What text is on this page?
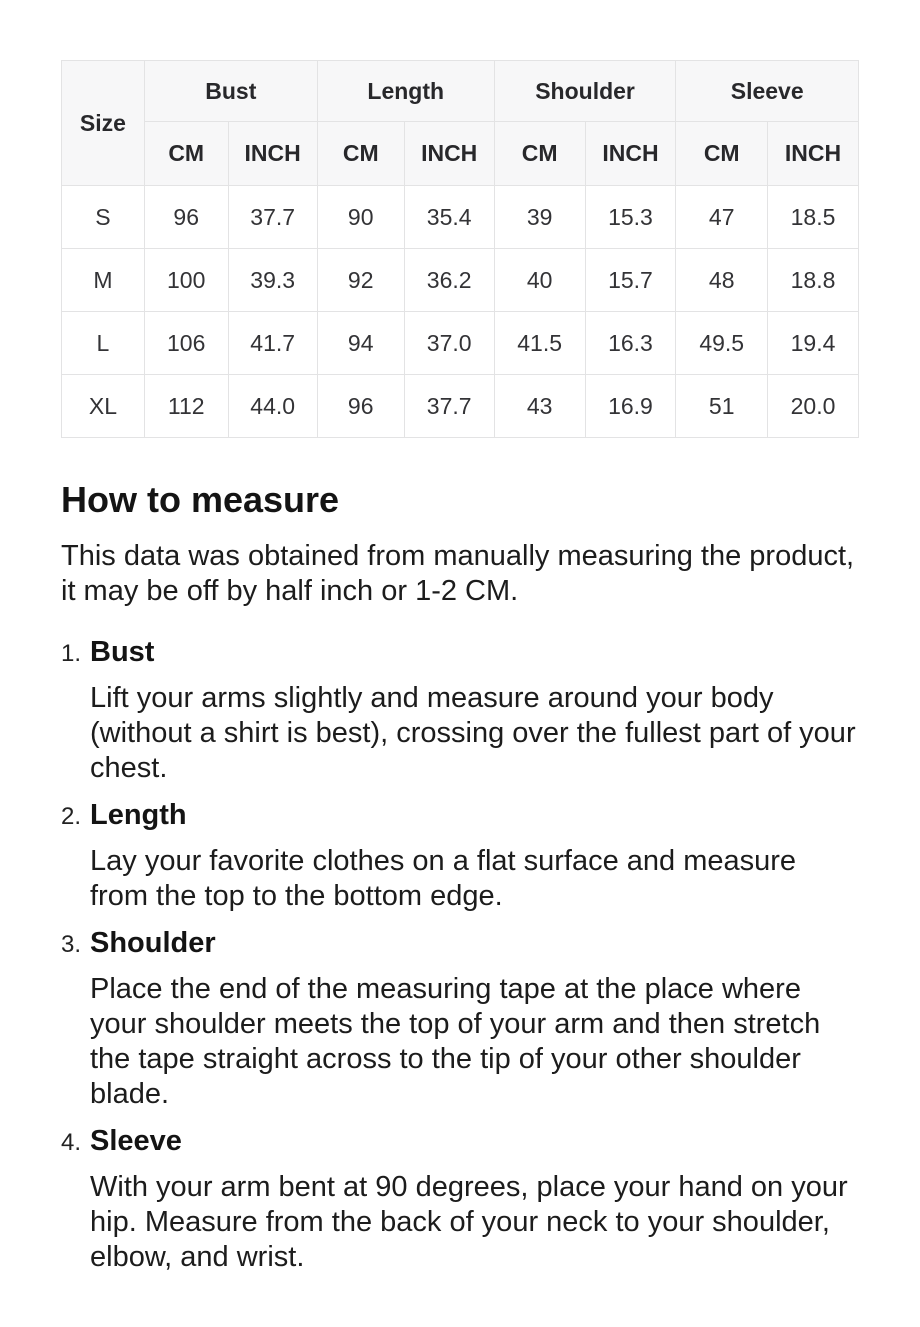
Size	Bust		Length		Shoulder		Sleeve	
	CM	INCH	CM	INCH	CM	INCH	CM	INCH
S	96	37.7	90	35.4	39	15.3	47	18.5
M	100	39.3	92	36.2	40	15.7	48	18.8
L	106	41.7	94	37.0	41.5	16.3	49.5	19.4
XL	112	44.0	96	37.7	43	16.9	51	20.0
How to measure

This data was obtained from manually measuring the product, it may be off by half inch or 1-2 CM.

1. Bust

Lift your arms slightly and measure around your body (without a shirt is best), crossing over the fullest part of your chest.

2. Length

Lay your favorite clothes on a flat surface and measure from the top to the bottom edge.

3. Shoulder

Place the end of the measuring tape at the place where your shoulder meets the top of your arm and then stretch the tape straight across to the tip of your other shoulder blade.

4. Sleeve

With your arm bent at 90 degrees, place your hand on your hip. Measure from the back of your neck to your shoulder, elbow, and wrist.
